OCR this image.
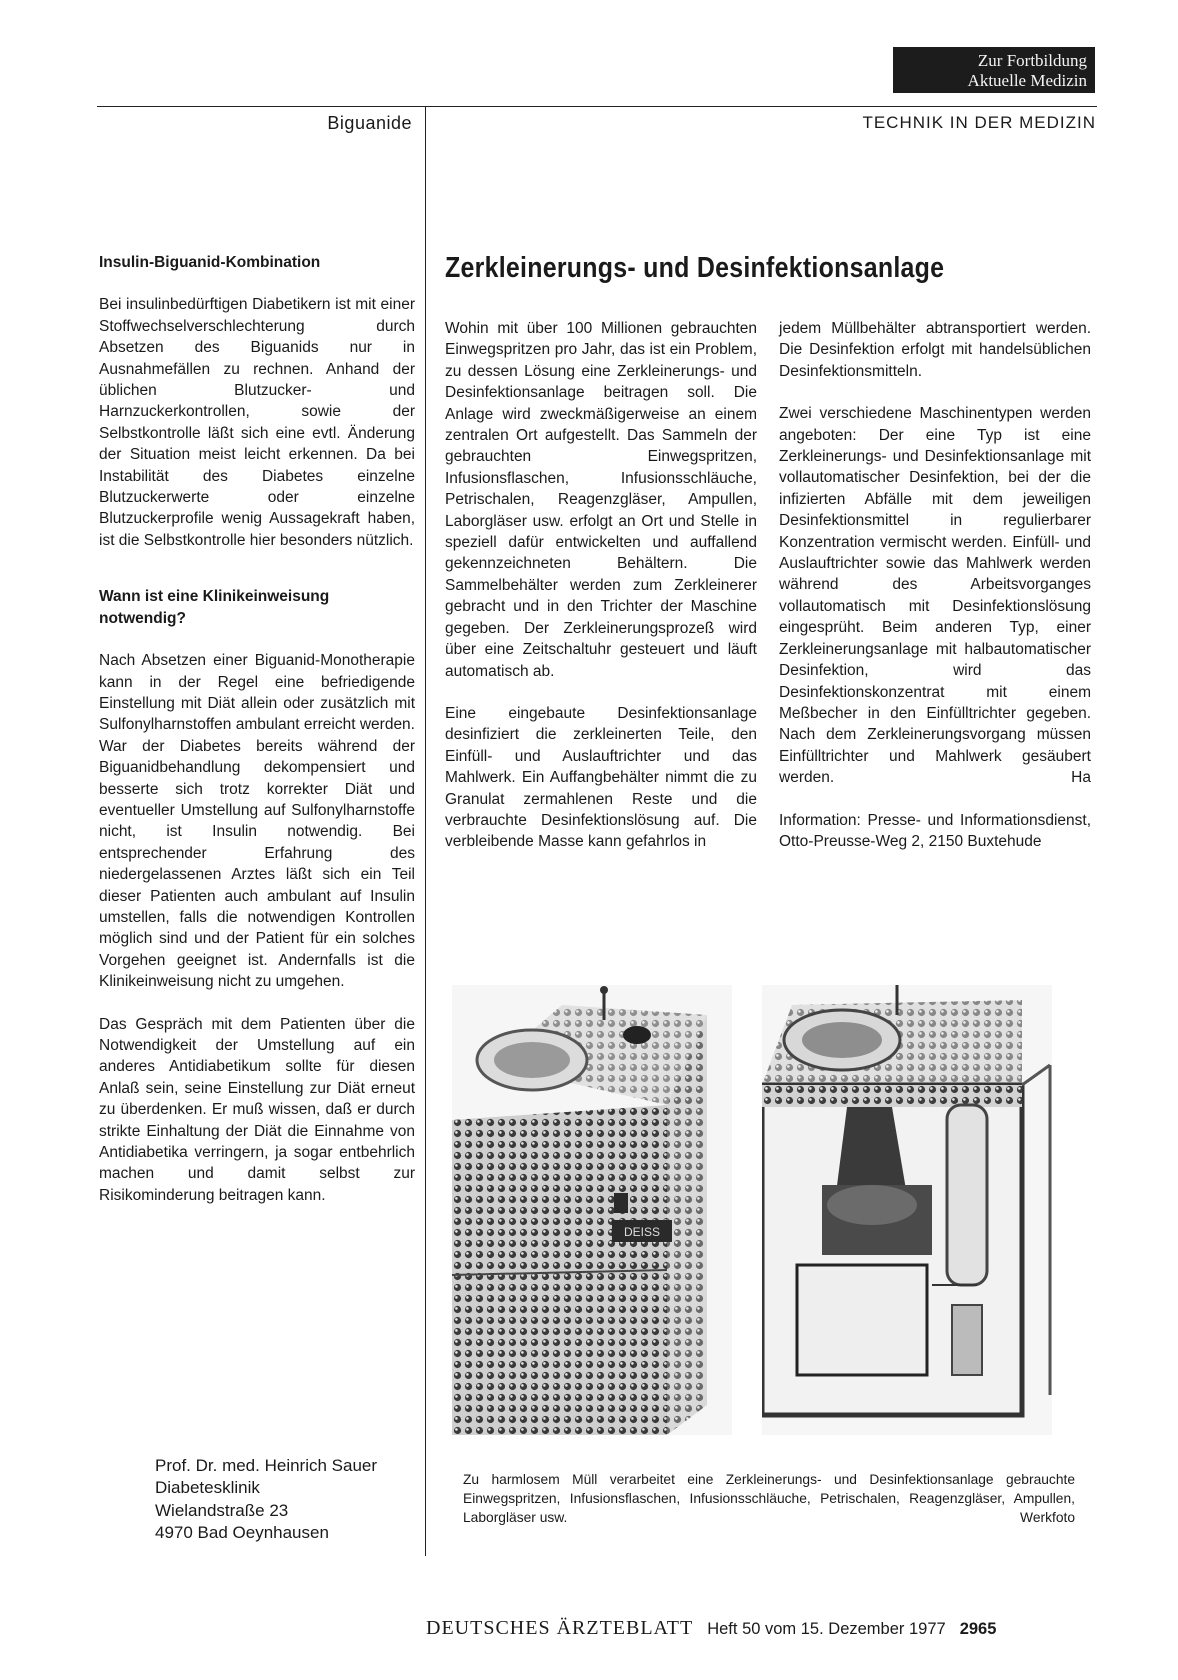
Zur Fortbildung
Aktuelle Medizin
Biguanide	TECHNIK IN DER MEDIZIN
Insulin-Biguanid-Kombination

Bei insulinbedürftigen Diabetikern ist mit einer Stoffwechselverschlechterung durch Absetzen des Biguanids nur in Ausnahmefällen zu rechnen. Anhand der üblichen Blutzucker- und Harnzuckerkontrollen, sowie der Selbstkontrolle läßt sich eine evtl. Änderung der Situation meist leicht erkennen. Da bei Instabilität des Diabetes einzelne Blutzuckerwerte oder einzelne Blutzuckerprofile wenig Aussagekraft haben, ist die Selbstkontrolle hier besonders nützlich.

Wann ist eine Klinikeinweisung notwendig?

Nach Absetzen einer Biguanid-Monotherapie kann in der Regel eine befriedigende Einstellung mit Diät allein oder zusätzlich mit Sulfonylharnstoffen ambulant erreicht werden. War der Diabetes bereits während der Biguanidbehandlung dekompensiert und besserte sich trotz korrekter Diät und eventueller Umstellung auf Sulfonylharnstoffe nicht, ist Insulin notwendig. Bei entsprechender Erfahrung des niedergelassenen Arztes läßt sich ein Teil dieser Patienten auch ambulant auf Insulin umstellen, falls die notwendigen Kontrollen möglich sind und der Patient für ein solches Vorgehen geeignet ist. Andernfalls ist die Klinikeinweisung nicht zu umgehen.

Das Gespräch mit dem Patienten über die Notwendigkeit der Umstellung auf ein anderes Antidiabetikum sollte für diesen Anlaß sein, seine Einstellung zur Diät erneut zu überdenken. Er muß wissen, daß er durch strikte Einhaltung der Diät die Einnahme von Antidiabetika verringern, ja sogar entbehrlich machen und damit selbst zur Risikominderung beitragen kann.

Prof. Dr. med. Heinrich Sauer
Diabetesklinik
Wielandstraße 23
4970 Bad Oeynhausen
Zerkleinerungs- und Desinfektionsanlage

Wohin mit über 100 Millionen gebrauchten Einwegspritzen pro Jahr, das ist ein Problem, zu dessen Lösung eine Zerkleinerungs- und Desinfektionsanlage beitragen soll. Die Anlage wird zweckmäßigerweise an einem zentralen Ort aufgestellt. Das Sammeln der gebrauchten Einwegspritzen, Infusionsflaschen, Infusionsschläuche, Petrischalen, Reagenzgläser, Ampullen, Laborgläser usw. erfolgt an Ort und Stelle in speziell dafür entwickelten und auffallend gekennzeichneten Behältern. Die Sammelbehälter werden zum Zerkleinerer gebracht und in den Trichter der Maschine gegeben. Der Zerkleinerungsprozeß wird über eine Zeitschaltuhr gesteuert und läuft automatisch ab.

Eine eingebaute Desinfektionsanlage desinfiziert die zerkleinerten Teile, den Einfüll- und Auslauftrichter und das Mahlwerk. Ein Auffangbehälter nimmt die zu Granulat zermahlenen Reste und die verbrauchte Desinfektionslösung auf. Die verbleibende Masse kann gefahrlos in

jedem Müllbehälter abtransportiert werden. Die Desinfektion erfolgt mit handelsüblichen Desinfektionsmitteln.

Zwei verschiedene Maschinentypen werden angeboten: Der eine Typ ist eine Zerkleinerungs- und Desinfektionsanlage mit vollautomatischer Desinfektion, bei der die infizierten Abfälle mit dem jeweiligen Desinfektionsmittel in regulierbarer Konzentration vermischt werden. Einfüll- und Auslauftrichter sowie das Mahlwerk werden während des Arbeitsvorganges vollautomatisch mit Desinfektionslösung eingesprüht. Beim anderen Typ, einer Zerkleinerungsanlage mit halbautomatischer Desinfektion, wird das Desinfektionskonzentrat mit einem Meßbecher in den Einfülltrichter gegeben. Nach dem Zerkleinerungsvorgang müssen Einfülltrichter und Mahlwerk gesäubert werden.	Ha

Information: Presse- und Informationsdienst, Otto-Preusse-Weg 2, 2150 Buxtehude

DEISS

Zu harmlosem Müll verarbeitet eine Zerkleinerungs- und Desinfektionsanlage gebrauchte Einwegspritzen, Infusionsflaschen, Infusionsschläuche, Petrischalen, Reagenzgläser, Ampullen, Laborgläser usw.	Werkfoto

DEUTSCHES ÄRZTEBLATT Heft 50 vom 15. Dezember 1977 2965
